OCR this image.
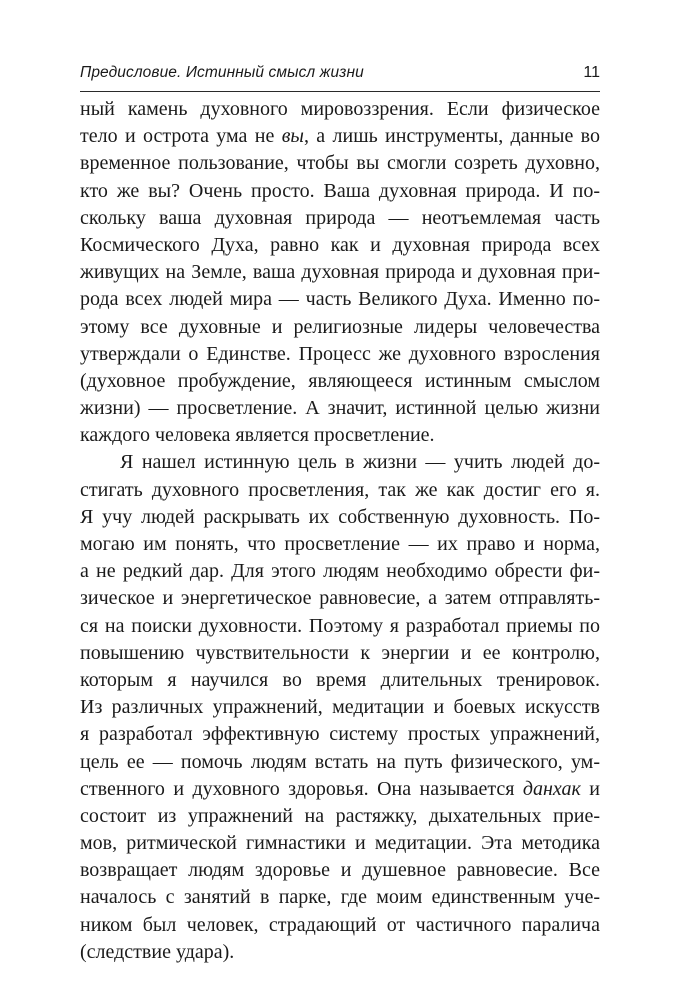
Предисловие. Истинный смысл жизни	11
ный камень духовного мировоззрения. Если физическое
тело и острота ума не вы, а лишь инструменты, данные во
временное пользование, чтобы вы смогли созреть духовно,
кто же вы? Очень просто. Ваша духовная природа. И по-
скольку ваша духовная природа — неотъемлемая часть
Космического Духа, равно как и духовная природа всех
живущих на Земле, ваша духовная природа и духовная при-
рода всех людей мира — часть Великого Духа. Именно по-
этому все духовные и религиозные лидеры человечества
утверждали о Единстве. Процесс же духовного взросления
(духовное пробуждение, являющееся истинным смыслом
жизни) — просветление. А значит, истинной целью жизни
каждого человека является просветление.
Я нашел истинную цель в жизни — учить людей до-
стигать духовного просветления, так же как достиг его я.
Я учу людей раскрывать их собственную духовность. По-
могаю им понять, что просветление — их право и норма,
а не редкий дар. Для этого людям необходимо обрести фи-
зическое и энергетическое равновесие, а затем отправлять-
ся на поиски духовности. Поэтому я разработал приемы по
повышению чувствительности к энергии и ее контролю,
которым я научился во время длительных тренировок.
Из различных упражнений, медитации и боевых искусств
я разработал эффективную систему простых упражнений,
цель ее — помочь людям встать на путь физического, ум-
ственного и духовного здоровья. Она называется данхак и
состоит из упражнений на растяжку, дыхательных прие-
мов, ритмической гимнастики и медитации. Эта методика
возвращает людям здоровье и душевное равновесие. Все
началось с занятий в парке, где моим единственным уче-
ником был человек, страдающий от частичного паралича
(следствие удара).
